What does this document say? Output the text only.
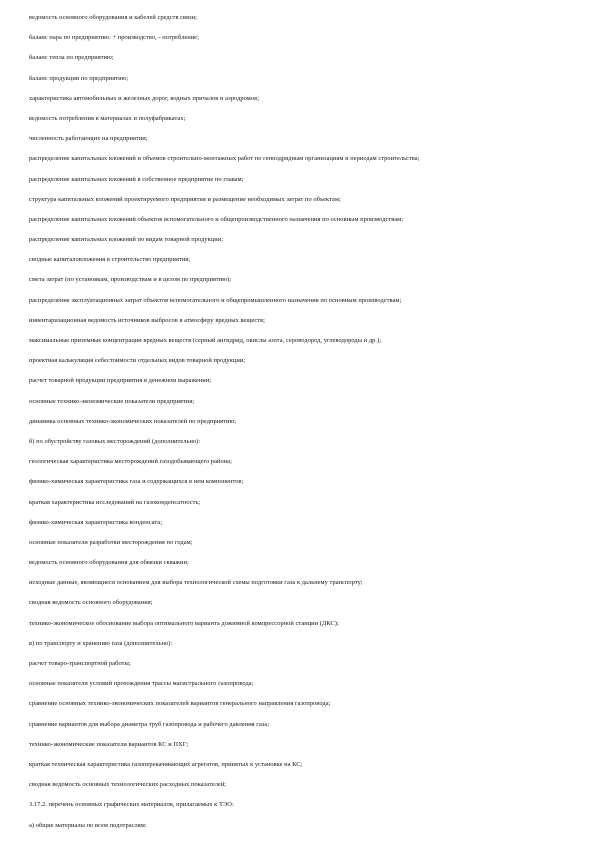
ведомость основного оборудования и кабелей средств связи;
баланс пара по предприятию: + производство, - потребление;
баланс тепла по предприятию;
баланс продукции по предприятию;
характеристика автомобильных и железных дорог, водных причалов и аэродромов;
ведомость потребления в материалах и полуфабрикатах;
численность работающих на предприятии;
распределение капитальных вложений и объемов строительно-монтажных работ по генподрядным организациям и периодам строительства;
распределение капитальных вложений в собственное предприятие по главам;
структура капитальных вложений проектируемого предприятия и размещение необходимых затрат по объектам;
распределение капитальных вложений объектов вспомогательного и общепроизводственного назначения по основным производствам;
распределение капитальных вложений по видам товарной продукции;
сводные капиталовложения в строительство предприятия;
смета затрат (по установкам, производствам и в целом по предприятию);
распределение эксплуатационных затрат объектов вспомогательного и общепромышленного назначения по основным производствам;
инвентаризационная ведомость источников выбросов в атмосферу вредных веществ;
максимальные приземные концентрации вредных веществ (серный ангидрид, окислы азота, сероводород, углеводороды и др.);
проектная калькуляция себестоимости отдельных видов товарной продукции;
расчет товарной продукции предприятия в денежном выражении;
основные технико-экономические показатели предприятия;
динамика основных технико-экономических показателей по предприятию;
б) по обустройству газовых месторождений (дополнительно):
геологическая характеристика месторождений газодобывающего района;
физико-химическая характеристика газа и содержащихся в нем компонентов;
краткая характеристика исследований на газоконденсатность;
физико-химическая характеристика конденсата;
основные показатели разработки месторождения по годам;
ведомость основного оборудования для обвязки скважин;
исходные данные, являющиеся основанием для выбора технологической схемы подготовки газа к дальнему транспорту;
сводная ведомость основного оборудования;
технико-экономическое обоснование выбора оптимального варианта дожимной компрессорной станции (ДКС);
в) по транспорту и хранению газа (дополнительно):
расчет товаро-транспортной работы;
основные показатели условий прохождения трассы магистрального газопровода;
сравнение основных технико-экономических показателей вариантов генерального направления газопровода;
сравнение вариантов для выбора диаметра труб газопровода и рабочего давления газа;
технико-экономические показатели вариантов КС и ПХГ;
краткая техническая характеристика газоперекачивающих агрегатов, принятых к установке на КС;
сводная ведомость основных технологических расходных показателей;
3.17.2. перечень основных графических материалов, прилагаемых к ТЭО:
а) общие материалы по всем подотраслям:
